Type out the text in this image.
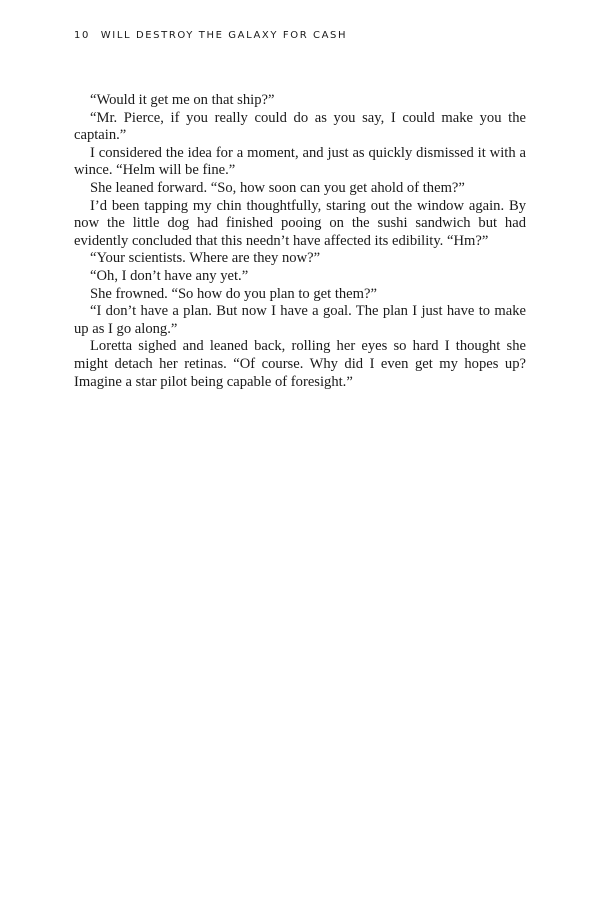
10 WILL DESTROY THE GALAXY FOR CASH

“Would it get me on that ship?”

“Mr. Pierce, if you really could do as you say, I could make you the captain.”

I considered the idea for a moment, and just as quickly dismissed it with a wince. “Helm will be fine.”

She leaned forward. “So, how soon can you get ahold of them?”

I’d been tapping my chin thoughtfully, staring out the window again. By now the little dog had finished pooing on the sushi sandwich but had evidently concluded that this needn’t have affected its edibility. “Hm?”

“Your scientists. Where are they now?”

“Oh, I don’t have any yet.”

She frowned. “So how do you plan to get them?”

“I don’t have a plan. But now I have a goal. The plan I just have to make up as I go along.”

Loretta sighed and leaned back, rolling her eyes so hard I thought she might detach her retinas. “Of course. Why did I even get my hopes up? Imagine a star pilot being capable of foresight.”
